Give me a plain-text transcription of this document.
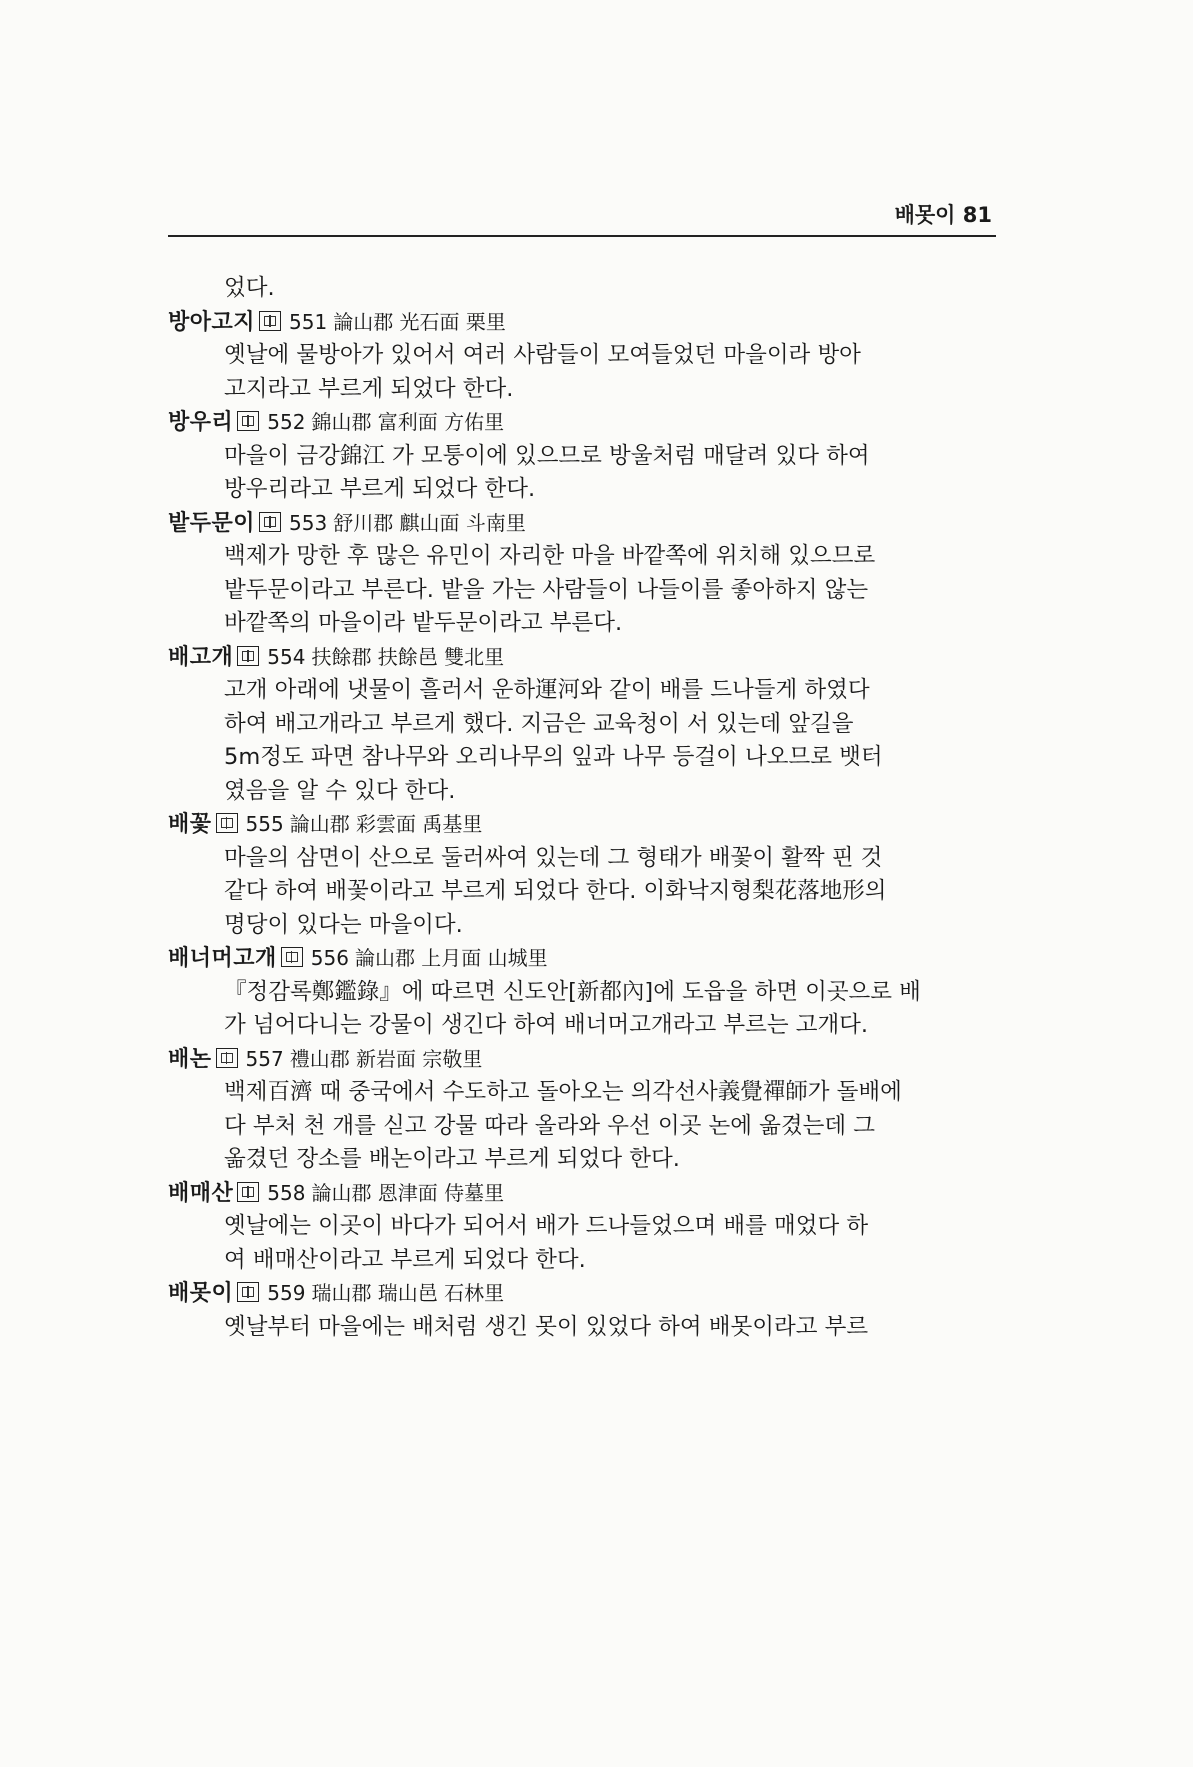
배못이 81
었다.
방아고지 551 論山郡 光石面 栗里
옛날에 물방아가 있어서 여러 사람들이 모여들었던 마을이라 방아
고지라고 부르게 되었다 한다.
방우리 552 錦山郡 富利面 方佑里
마을이 금강錦江 가 모퉁이에 있으므로 방울처럼 매달려 있다 하여
방우리라고 부르게 되었다 한다.
밭두문이 553 舒川郡 麒山面 斗南里
백제가 망한 후 많은 유민이 자리한 마을 바깥쪽에 위치해 있으므로
밭두문이라고 부른다. 밭을 가는 사람들이 나들이를 좋아하지 않는
바깥쪽의 마을이라 밭두문이라고 부른다.
배고개 554 扶餘郡 扶餘邑 雙北里
고개 아래에 냇물이 흘러서 운하運河와 같이 배를 드나들게 하였다
하여 배고개라고 부르게 했다. 지금은 교육청이 서 있는데 앞길을
5m정도 파면 참나무와 오리나무의 잎과 나무 등걸이 나오므로 뱃터
였음을 알 수 있다 한다.
배꽃 555 論山郡 彩雲面 禹基里
마을의 삼면이 산으로 둘러싸여 있는데 그 형태가 배꽃이 활짝 핀 것
같다 하여 배꽃이라고 부르게 되었다 한다. 이화낙지형梨花落地形의
명당이 있다는 마을이다.
배너머고개 556 論山郡 上月面 山城里
『정감록鄭鑑錄』에 따르면 신도안[新都內]에 도읍을 하면 이곳으로 배
가 넘어다니는 강물이 생긴다 하여 배너머고개라고 부르는 고개다.
배논 557 禮山郡 新岩面 宗敬里
백제百濟 때 중국에서 수도하고 돌아오는 의각선사義覺禪師가 돌배에
다 부처 천 개를 싣고 강물 따라 올라와 우선 이곳 논에 옮겼는데 그
옮겼던 장소를 배논이라고 부르게 되었다 한다.
배매산 558 論山郡 恩津面 侍墓里
옛날에는 이곳이 바다가 되어서 배가 드나들었으며 배를 매었다 하
여 배매산이라고 부르게 되었다 한다.
배못이 559 瑞山郡 瑞山邑 石林里
옛날부터 마을에는 배처럼 생긴 못이 있었다 하여 배못이라고 부르
